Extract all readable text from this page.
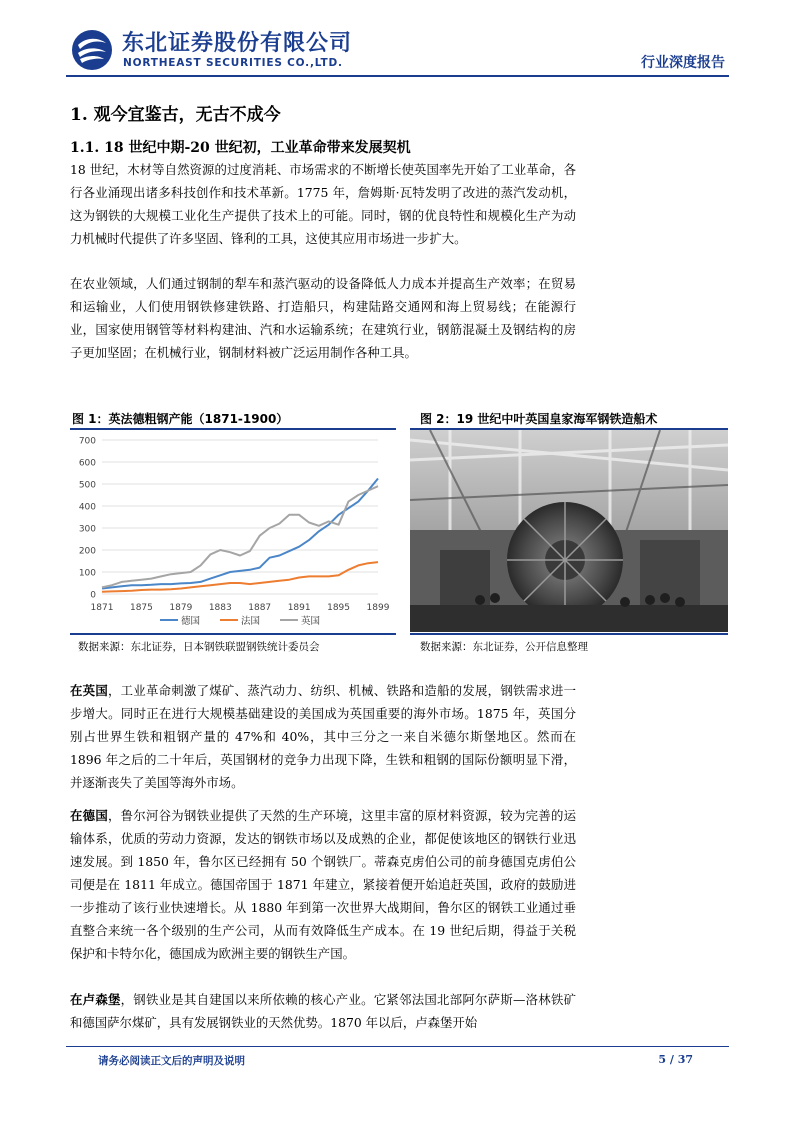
东北证券股份有限公司
NORTHEAST SECURITIES CO.,LTD.	行业深度报告
1. 观今宜鉴古，无古不成今
1.1. 18 世纪中期-20 世纪初，工业革命带来发展契机
18 世纪，木材等自然资源的过度消耗、市场需求的不断增长使英国率先开始了工业革命，各行各业涌现出诸多科技创作和技术革新。1775 年，詹姆斯·瓦特发明了改进的蒸汽发动机，这为钢铁的大规模工业化生产提供了技术上的可能。同时，钢的优良特性和规模化生产为动力机械时代提供了许多坚固、锋利的工具，这使其应用市场进一步扩大。
在农业领域，人们通过钢制的犁车和蒸汽驱动的设备降低人力成本并提高生产效率；在贸易和运输业，人们使用钢铁修建铁路、打造船只，构建陆路交通网和海上贸易线；在能源行业，国家使用钢管等材料构建油、汽和水运输系统；在建筑行业，钢筋混凝土及钢结构的房子更加坚固；在机械行业，钢制材料被广泛运用制作各种工具。
图 1：英法德粗钢产能（1871-1900）
0
100
200
300
400
500
600
700
1871 1875 1879 1883 1887 1891 1895 1899
德国	法国	英国
数据来源：东北证券，日本钢铁联盟钢铁统计委员会
图 2：19 世纪中叶英国皇家海军钢铁造船术
数据来源：东北证券，公开信息整理
在英国，工业革命刺激了煤矿、蒸汽动力、纺织、机械、铁路和造船的发展，钢铁需求进一步增大。同时正在进行大规模基础建设的美国成为英国重要的海外市场。1875 年，英国分别占世界生铁和粗钢产量的 47%和 40%，其中三分之一来自米德尔斯堡地区。然而在 1896 年之后的二十年后，英国钢材的竞争力出现下降，生铁和粗钢的国际份额明显下滑，并逐渐丧失了美国等海外市场。
在德国，鲁尔河谷为钢铁业提供了天然的生产环境，这里丰富的原材料资源，较为完善的运输体系，优质的劳动力资源，发达的钢铁市场以及成熟的企业，都促使该地区的钢铁行业迅速发展。到 1850 年，鲁尔区已经拥有 50 个钢铁厂。蒂森克虏伯公司的前身德国克虏伯公司便是在 1811 年成立。德国帝国于 1871 年建立，紧接着便开始追赶英国，政府的鼓励进一步推动了该行业快速增长。从 1880 年到第一次世界大战期间，鲁尔区的钢铁工业通过垂直整合来统一各个级别的生产公司，从而有效降低生产成本。在 19 世纪后期，得益于关税保护和卡特尔化，德国成为欧洲主要的钢铁生产国。
在卢森堡，钢铁业是其自建国以来所依赖的核心产业。它紧邻法国北部阿尔萨斯—洛林铁矿和德国萨尔煤矿，具有发展钢铁业的天然优势。1870 年以后，卢森堡开始
请务必阅读正文后的声明及说明	5 / 37
